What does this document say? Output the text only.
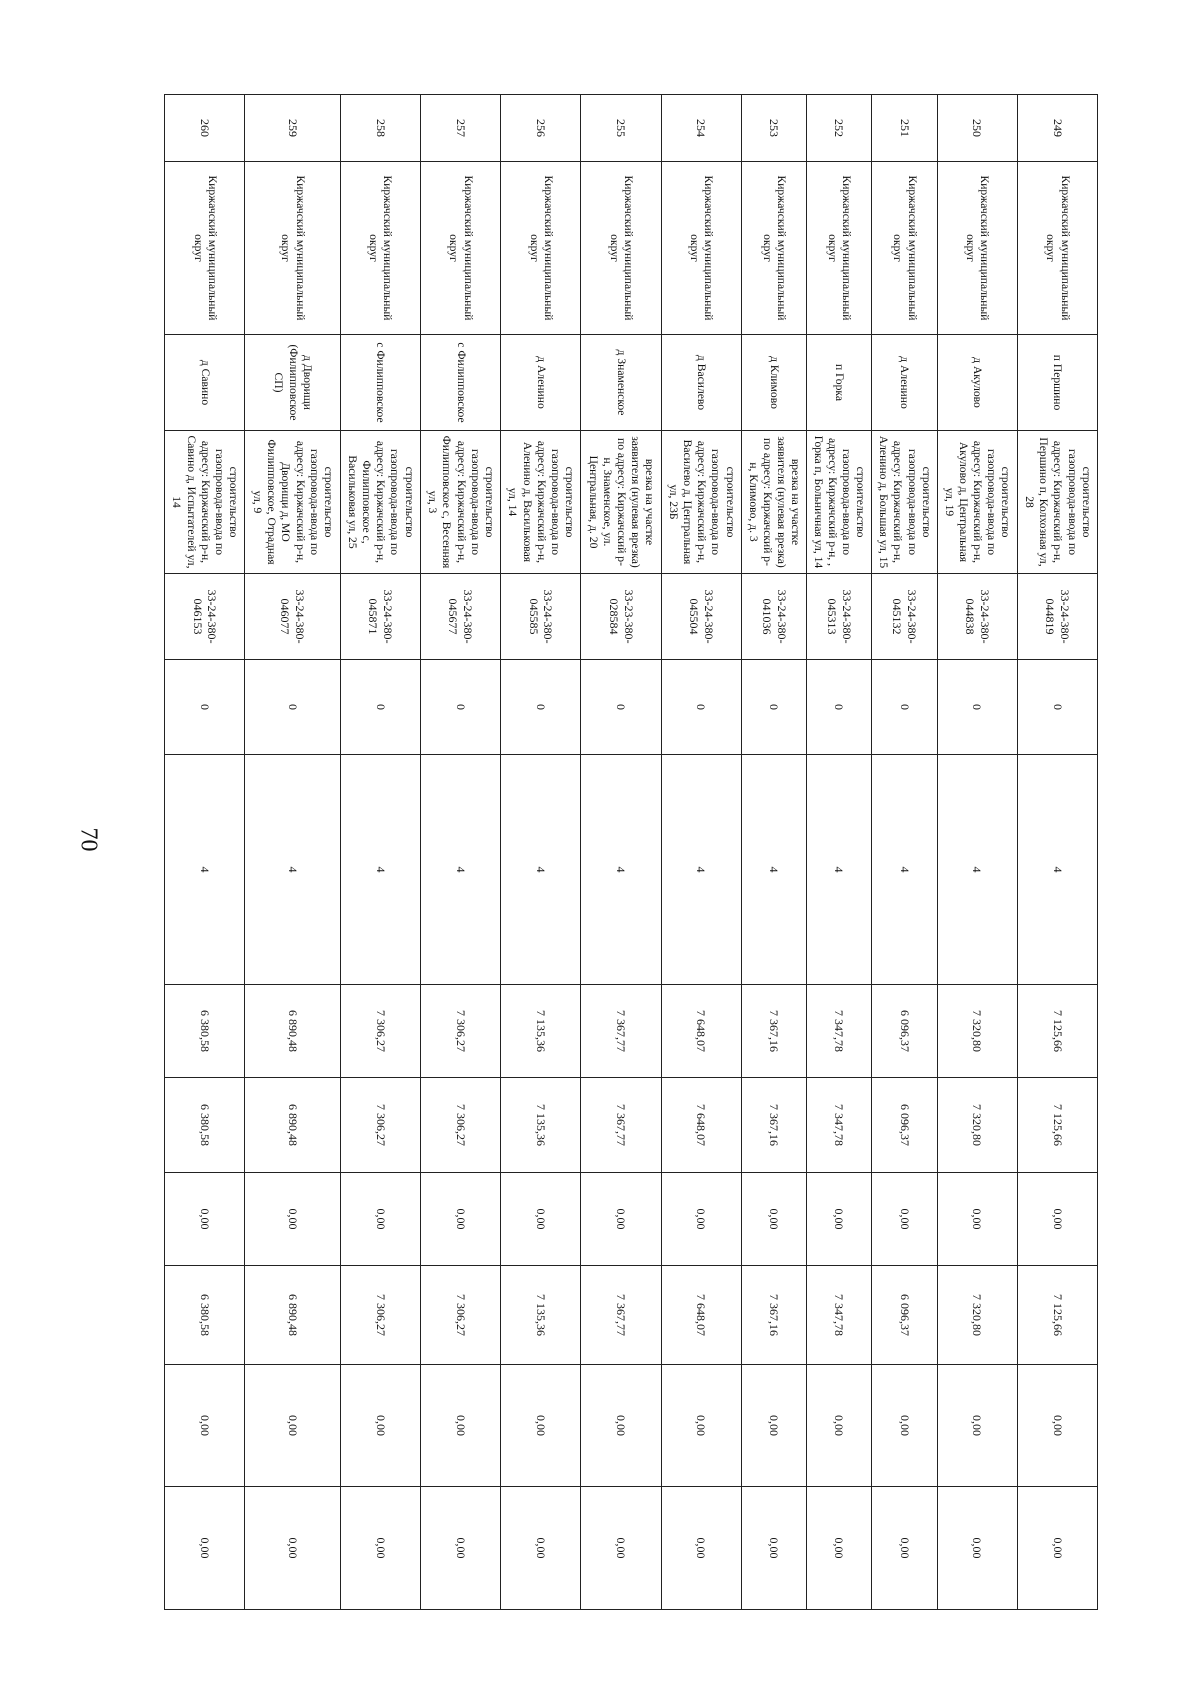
70
249	Киржачский муниципальный округ	п Першино	строительство газопровода-ввода по адресу: Киржачский р-н, Першино п, Колхозная ул, 28	33-24-380-044819	0	4	7 125,66	7 125,66	0,00	7 125,66	0,00	0,00
250	Киржачский муниципальный округ	д Акулово	строительство газопровода-ввода по адресу: Киржачский р-н, Акулово д, Центральная ул, 19	33-24-380-044838	0	4	7 320,80	7 320,80	0,00	7 320,80	0,00	0,00
251	Киржачский муниципальный округ	д Аленино	строительство газопровода-ввода по адресу: Киржачский р-н, Аленино д, Большая ул, 15	33-24-380-045132	0	4	6 096,37	6 096,37	0,00	6 096,37	0,00	0,00
252	Киржачский муниципальный округ	п Горка	строительство газопровода-ввода по адресу: Киржачский р-н, , Горка п, Больничная ул, 14	33-24-380-045313	0	4	7 347,78	7 347,78	0,00	7 347,78	0,00	0,00
253	Киржачский муниципальный округ	д Климово	врезка на участке заявителя (нулевая врезка) по адресу: Киржачский р-н, Климово, д. 3	33-24-380-041036	0	4	7 367,16	7 367,16	0,00	7 367,16	0,00	0,00
254	Киржачский муниципальный округ	д Василево	строительство газопровода-ввода по адресу: Киржачский р-н, Василево д, Центральная ул, 23Б	33-24-380-045504	0	4	7 648,07	7 648,07	0,00	7 648,07	0,00	0,00
255	Киржачский муниципальный округ	д Знаменское	врезка на участке заявителя (нулевая врезка) по адресу: Киржачский р-н, Знаменское, ул. Центральная, д. 20	33-23-380-028584	0	4	7 367,77	7 367,77	0,00	7 367,77	0,00	0,00
256	Киржачский муниципальный округ	д Аленино	строительство газопровода-ввода по адресу: Киржачский р-н, Аленино д, Васильковая ул, 14	33-24-380-045585	0	4	7 135,36	7 135,36	0,00	7 135,36	0,00	0,00
257	Киржачский муниципальный округ	с Филипповское	строительство газопровода-ввода по адресу: Киржачский р-н, Филипповское с, Весенняя ул, 3	33-24-380-045677	0	4	7 306,27	7 306,27	0,00	7 306,27	0,00	0,00
258	Киржачский муниципальный округ	с Филипповское	строительство газопровода-ввода по адресу: Киржачский р-н, Филипповское с, Васильковая ул, 25	33-24-380-045871	0	4	7 306,27	7 306,27	0,00	7 306,27	0,00	0,00
259	Киржачский муниципальный округ	д Дворищи (Филипповское СП)	строительство газопровода-ввода по адресу: Киржачский р-н, Дворищи д, МО Филипповское, Отрадная ул, 9	33-24-380-046077	0	4	6 890,48	6 890,48	0,00	6 890,48	0,00	0,00
260	Киржачский муниципальный округ	д Савино	строительство газопровода-ввода по адресу: Киржачский р-н, Савино д, Испытателей ул, 14	33-24-380-046153	0	4	6 380,58	6 380,58	0,00	6 380,58	0,00	0,00
